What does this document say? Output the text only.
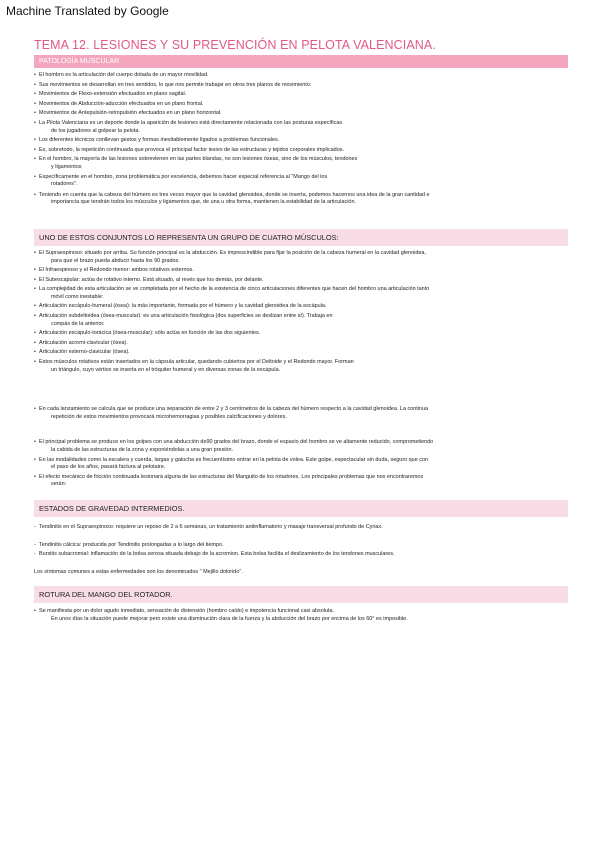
Machine Translated by Google
TEMA 12. LESIONES Y SU PREVENCIÓN EN PELOTA VALENCIANA.
PATOLOGÍA MUSCULAR.
• El hombro es la articulación del cuerpo dotada de un mayor movilidad.
• Sus movimientos se desarrollan en tres sentidos, lo que nos permite trabajar en otros tres planos de movimiento:
• Movimientos de Flexo-extensión efectuados en plano sagital.
• Movimientos de Abducción-aducción efectuados en un plano frontal.
• Movimientos de Antepulsión-retropulsión efectuados en un plano horizontal.
• La Pilota Valenciana es un deporte donde la aparición de lesiones está directamente relacionada con las posturas específicas
de los jugadores al golpear la pelota.
• Los diferentes técnicos conllevan gestos y formas inevitablemente ligados a problemas funcionales.
• Es, sobretodo, la repetición continuada que provoca el principal factor lesivo de las estructuras y tejidos corporales implicados.
• En el hombro, la mayoría de las lesiones sobrevienen en las partes blandas, no son lesiones óseas, sino de los músculos, tendones
y ligamentos
• Específicamente en el hombro, zona problemática por excelencia, debemos hacer especial referencia al "Mango del los
rotadores".
• Teniendo en cuenta que la cabeza del húmero es tres veces mayor que la cavidad glenoidea, donde se inserta, podemos hacernos una idea de la gran cantidad e
importancia que tendrán todos los músculos y ligamentos que, de una u otra forma, mantienen la estabilidad de la articulación.
UNO DE ESTOS CONJUNTOS LO REPRESENTA UN GRUPO DE CUATRO MÚSCULOS:
• El Supraespinoso: situado por arriba. Su función principal es la abducción. Es imprescindible para fijar la posición de la cabeza humeral en la cavidad glenoidea,
para que el brazo pueda abducir hasta los 90 grados.
• El Infraespinoso y el Redondo menor: ambos rotativos externos.
• El Subescapular: actúa de rotativo interno. Está situado, al revés que los demás, por delante.
• La complejidad de esta articulación se ve completada por el hecho de la existencia de cinco articulaciones diferentes que hacen del hombro una articulación tanto
móvil como inestable:
• Articulación escápulo-humeral (ósea): la más importante, formada por el húmero y la cavidad glenoidea de la escápula.
• Articulación subdeltoidea (ósea-muscular): es una articulación fisiológica (dos superficies se deslizan entre sí). Trabaja en
compás de la anterior.
• Articulación escápulo-torácica (ósea-muscular): sólo actúa en función de las dos siguientes.
• Articulación acromi-clavicular (ósea).
• Articulación esterno-clavicular (ósea).
• Estos músculos rotativos están insertados en la cápsula articular, quedando cubiertos por el Deltoide y el Redondo mayor. Forman
un triángulo, cuyo vértice se inserta en el tróquiter humeral y en diversas zonas de la escápula.
• En cada lanzamiento se calcula que se produce una separación de entre 2 y 3 centímetros de la cabeza del húmero respecto a la cavidad glenoidea. La continua
repetición de estos movimientos provocará microhemorragias y posibles calcificaciones y dolores.
• El principal problema se produce en los golpes con una abducción de90 grados del brazo, donde el espacio del hombro se ve altamente reducido, comprometiendo
la cabida de las estructuras de la zona y exponiéndolas a una gran presión.
• En las modalidades como la escalera y cuerda, largas y galocha es frecuentísimo entrar en la pelota de volea. Este golpe, espectacular sin duda, seguro que con
el paso de los años, pasará factura al pelotaire.
• El efecto mecánico de fricción continuada lesionará alguna de las estructuras del Manguito de los rotadores. Los principales problemas que nos encontraremos
serán:
ESTADOS DE GRAVEDAD INTERMEDIOS.
- Tendinitis en el Supraespinoso: requiere un reposo de 2 a 6 semanas, un tratamiento antiinflamatorio y masaje transversal profundo de Cyriax.
- Tendinitis cálcica: producida por Tendinitis prolongadas a lo largo del tiempo.
- Bursitis subacromial: inflamación de la bolsa serosa situada debajo de la acromion. Esta bolsa facilita el deslizamiento de los tendones musculares.
Los síntomas comunes a estas enfermedades son los denominados " Mejillo dolorido".
ROTURA DEL MANGO DEL ROTADOR.
• Se manifiesta por un dolor agudo inmediato, sensación de distensión (hombro caído) e impotencia funcional casi absoluta.
En unos días la situación puede mejorar pero existe una disminución clara de la fuerza y la abducción del brazo por encima de los 60° es imposible.
